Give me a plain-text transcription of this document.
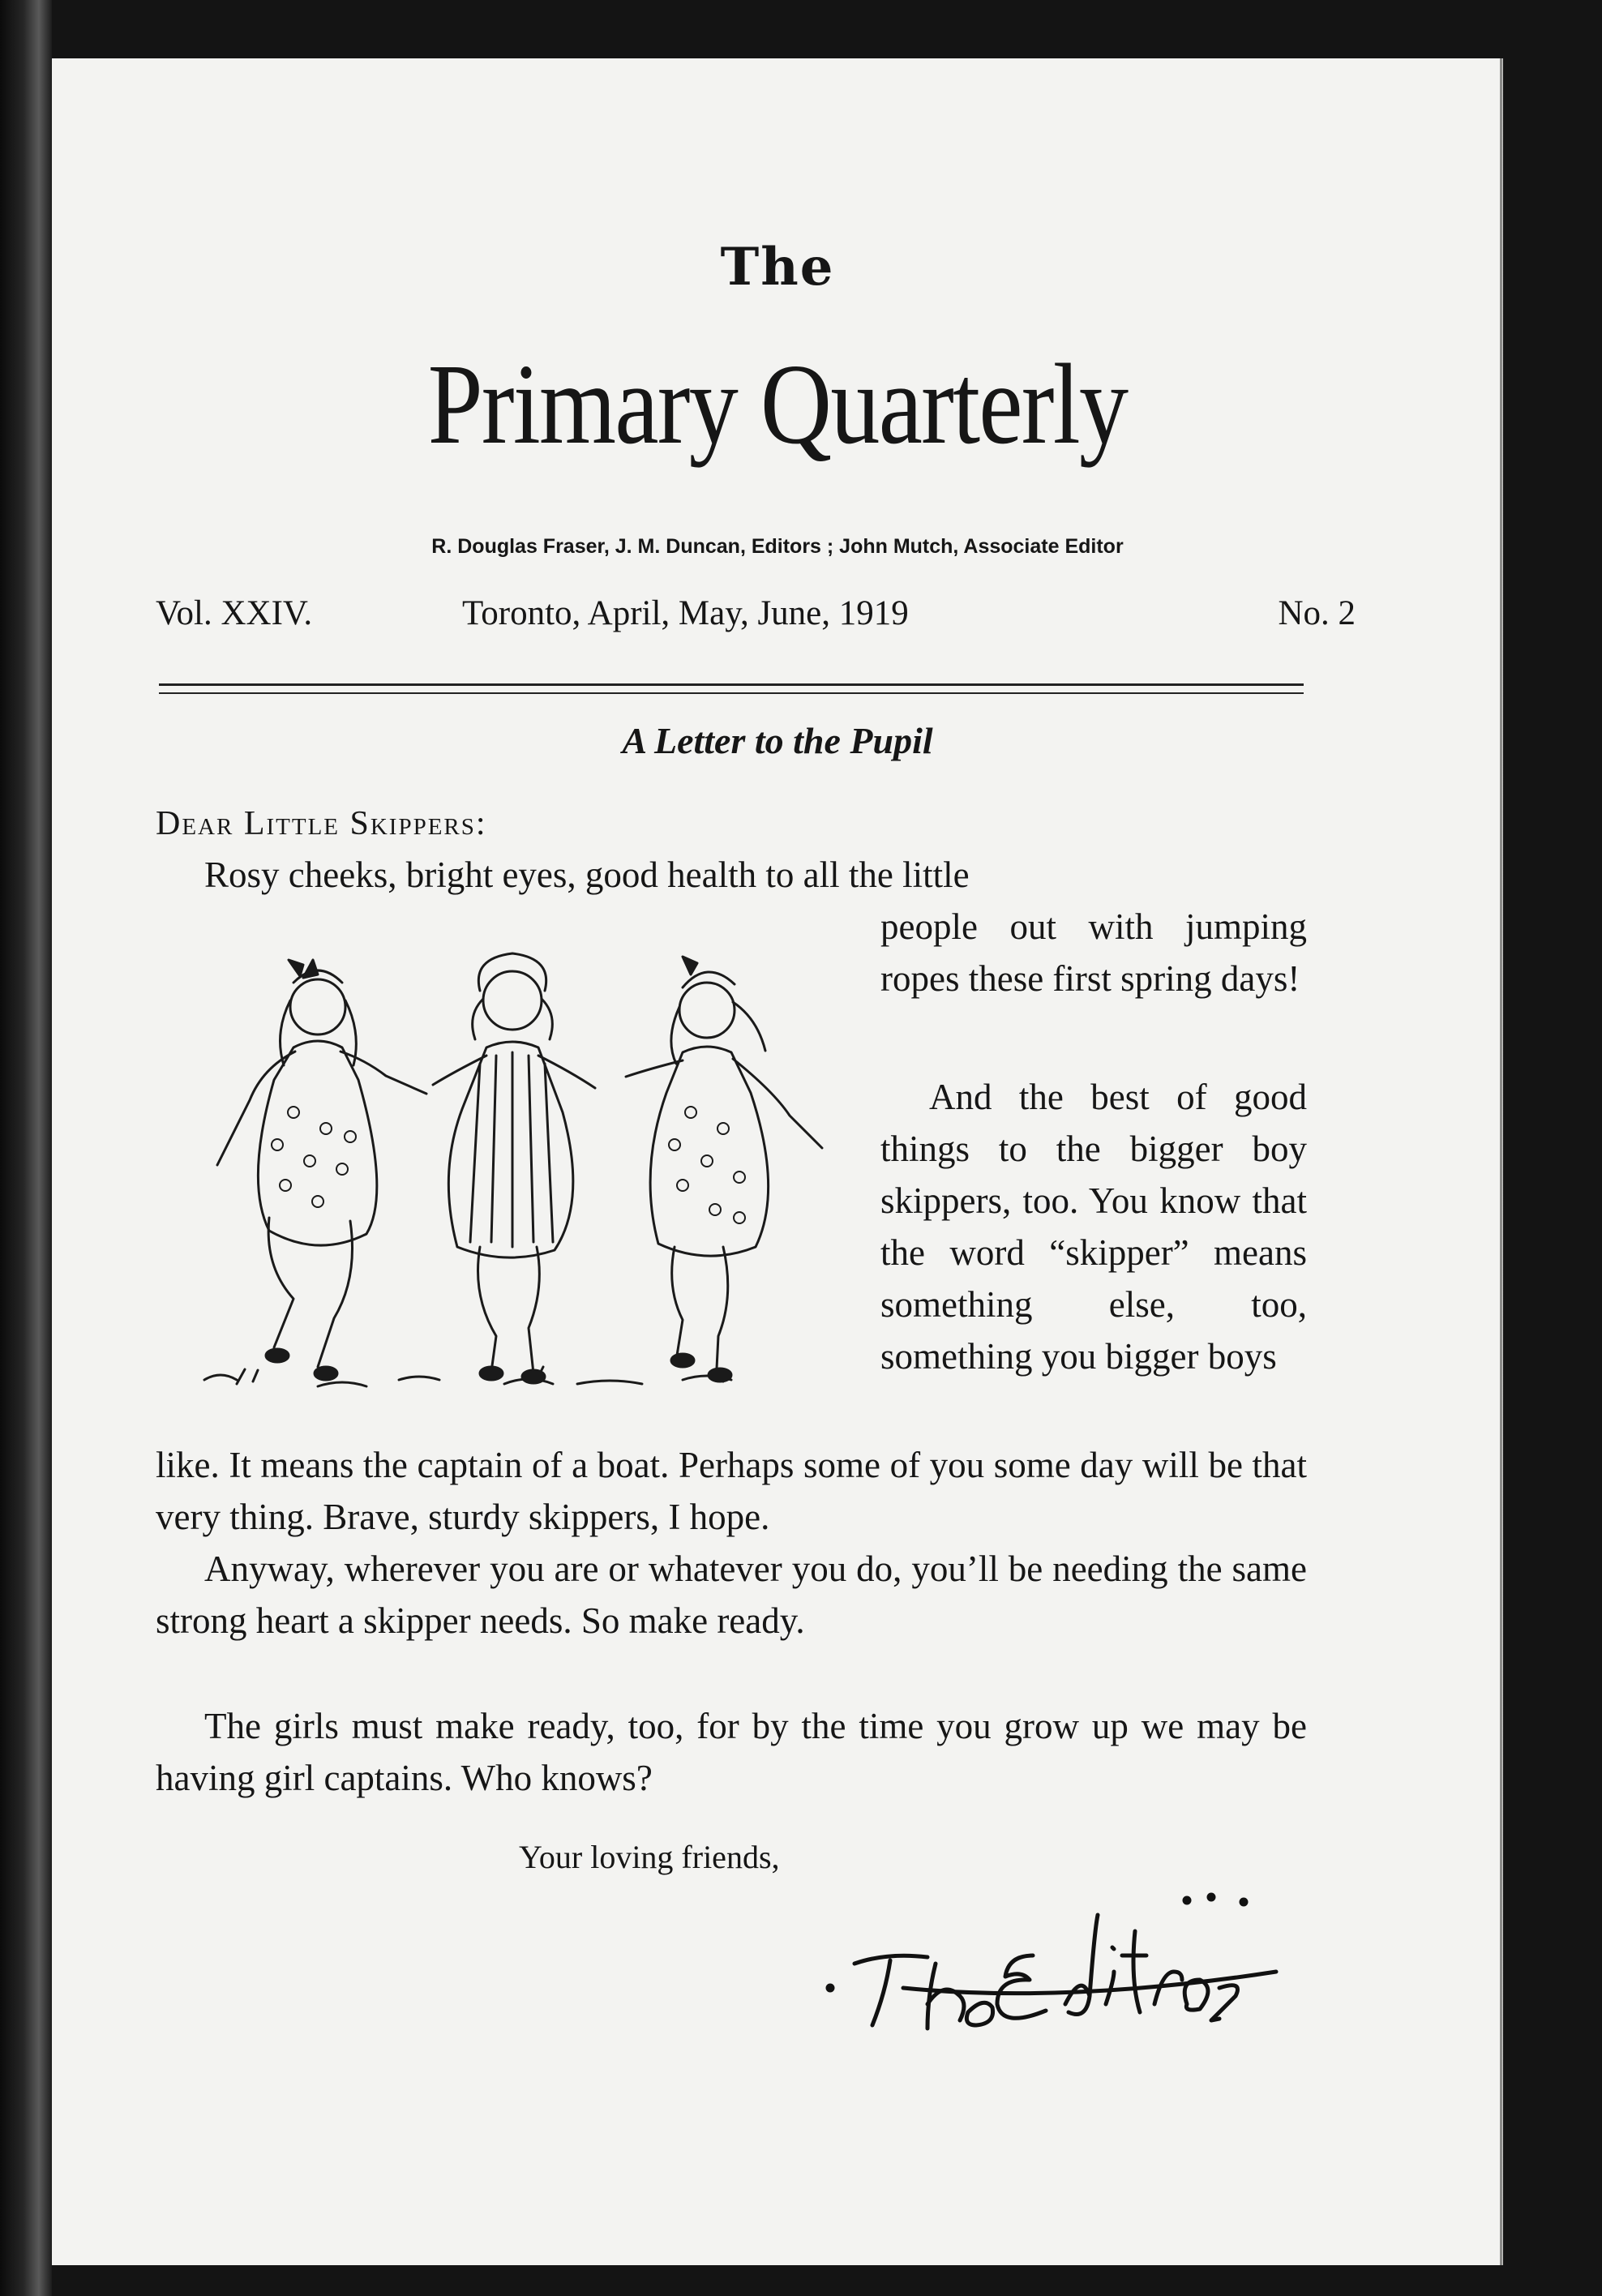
The
Primary Quarterly
R. Douglas Fraser, J. M. Duncan, Editors ; John Mutch, Associate Editor
Vol. XXIV.	Toronto, April, May, June, 1919	No. 2
A Letter to the Pupil
Dear Little Skippers:
Rosy cheeks, bright eyes, good health to all the little
people out with jumping ropes these first spring days!
And the best of good things to the bigger boy skippers, too. You know that the word “skipper” means something else, too, something you bigger boys
like. It means the captain of a boat. Perhaps some of you some day will be that very thing. Brave, sturdy skippers, I hope.
Anyway, wherever you are or whatever you do, you’ll be needing the same strong heart a skipper needs. So make ready.
The girls must make ready, too, for by the time you grow up we may be having girl captains. Who knows?
Your loving friends,
The Editors
